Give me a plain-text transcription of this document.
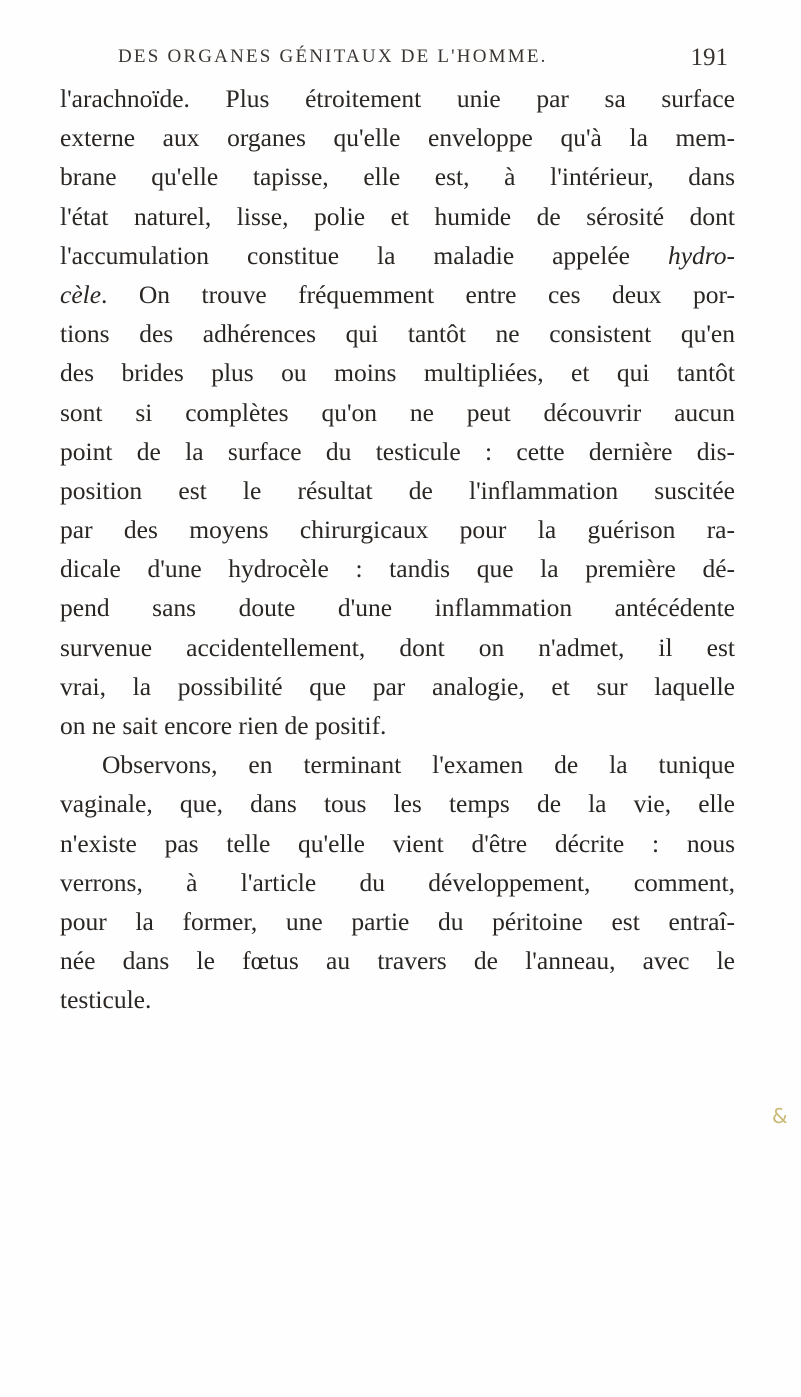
DES ORGANES GÉNITAUX DE L'HOMME.	191
l'arachnoïde. Plus étroitement unie par sa surface
externe aux organes qu'elle enveloppe qu'à la mem-
brane qu'elle tapisse, elle est, à l'intérieur, dans
l'état naturel, lisse, polie et humide de sérosité dont
l'accumulation constitue la maladie appelée hydro-
cèle. On trouve fréquemment entre ces deux por-
tions des adhérences qui tantôt ne consistent qu'en
des brides plus ou moins multipliées, et qui tantôt
sont si complètes qu'on ne peut découvrir aucun
point de la surface du testicule : cette dernière dis-
position est le résultat de l'inflammation suscitée
par des moyens chirurgicaux pour la guérison ra-
dicale d'une hydrocèle : tandis que la première dé-
pend sans doute d'une inflammation antécédente
survenue accidentellement, dont on n'admet, il est
vrai, la possibilité que par analogie, et sur laquelle
on ne sait encore rien de positif.
Observons, en terminant l'examen de la tunique
vaginale, que, dans tous les temps de la vie, elle
n'existe pas telle qu'elle vient d'être décrite : nous
verrons, à l'article du développement, comment,
pour la former, une partie du péritoine est entraî-
née dans le fœtus au travers de l'anneau, avec le
testicule.
&
